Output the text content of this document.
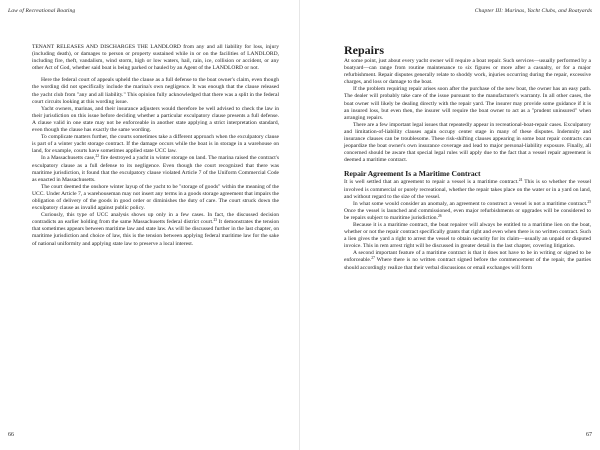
Law of Recreational Boating

TENANT RELEASES AND DISCHARGES THE LANDLORD from any and all liability for loss, injury (including death), or damages to person or property sustained while in or on the facilities of LANDLORD, including fire, theft, vandalism, wind storm, high or low waters, hail, rain, ice, collision or accident, or any other Act of God, whether said boat is being parked or hauled by an Agent of the LANDLORD or not.

Here the federal court of appeals upheld the clause as a full defense to the boat owner's claim, even though the wording did not specifically include the marina's own negligence. It was enough that the clause released the yacht club from "any and all liability." This opinion fully acknowledged that there was a split in the federal court circuits looking at this wording issue.

Yacht owners, marinas, and their insurance adjusters would therefore be well advised to check the law in their jurisdiction on this issue before deciding whether a particular exculpatory clause presents a full defense. A clause valid in one state may not be enforceable in another state applying a strict interpretation standard, even though the clause has exactly the same wording.

To complicate matters further, the courts sometimes take a different approach when the exculpatory clause is part of a winter yacht storage contract. If the damage occurs while the boat is in storage in a warehouse on land, for example, courts have sometimes applied state UCC law.

In a Massachusetts case,$^{22}$ fire destroyed a yacht in winter storage on land. The marina raised the contract's exculpatory clause as a full defense to its negligence. Even though the court recognized that there was maritime jurisdiction, it found that the exculpatory clause violated Article 7 of the Uniform Commercial Code as enacted in Massachusetts.

The court deemed the onshore winter layup of the yacht to be "storage of goods" within the meaning of the UCC. Under Article 7, a warehouseman may not insert any terms in a goods storage agreement that impairs the obligation of delivery of the goods in good order or diminishes the duty of care. The court struck down the exculpatory clause as invalid against public policy.

Curiously, this type of UCC analysis shows up only in a few cases. In fact, the discussed decision contradicts an earlier holding from the same Massachusetts federal district court.$^{23}$ It demonstrates the tension that sometimes appears between maritime law and state law. As will be discussed further in the last chapter, on maritime jurisdiction and choice of law, this is the tension between applying federal maritime law for the sake of national uniformity and applying state law to preserve a local interest.

66
Chapter III: Marinas, Yacht Clubs, and Boatyards
Repairs

At some point, just about every yacht owner will require a boat repair. Such services—usually performed by a boatyard—can range from routine maintenance to six figures or more after a casualty, or for a major refurbishment. Repair disputes generally relate to shoddy work, injuries occurring during the repair, excessive charges, and loss or damage to the boat.

If the problem requiring repair arises soon after the purchase of the new boat, the owner has an easy path. The dealer will probably take care of the issue pursuant to the manufacturer's warranty. In all other cases, the boat owner will likely be dealing directly with the repair yard. The insurer may provide some guidance if it is an insured loss, but even then, the insurer will require the boat owner to act as a "prudent uninsured" when arranging repairs.

There are a few important legal issues that repeatedly appear in recreational-boat-repair cases. Exculpatory and limitation-of-liability clauses again occupy center stage in many of these disputes. Indemnity and insurance clauses can be troublesome. These risk-shifting clauses appearing in some boat repair contracts can jeopardize the boat owner's own insurance coverage and lead to major personal-liability exposure. Finally, all concerned should be aware that special legal rules will apply due to the fact that a vessel repair agreement is deemed a maritime contract.

Repair Agreement Is a Maritime Contract

It is well settled that an agreement to repair a vessel is a maritime contract.$^{24}$ This is so whether the vessel involved is commercial or purely recreational, whether the repair takes place on the water or in a yard on land, and without regard to the size of the vessel.

In what some would consider an anomaly, an agreement to construct a vessel is not a maritime contract.$^{25}$ Once the vessel is launched and commissioned, even major refurbishments or upgrades will be considered to be repairs subject to maritime jurisdiction.$^{26}$

Because it is a maritime contract, the boat repairer will always be entitled to a maritime lien on the boat, whether or not the repair contract specifically grants that right and even when there is no written contract. Such a lien gives the yard a right to arrest the vessel to obtain security for its claim—usually an unpaid or disputed invoice. This in rem arrest right will be discussed in greater detail in the last chapter, covering litigation.

A second important feature of a maritime contract is that it does not have to be in writing or signed to be enforceable.$^{27}$ Where there is no written contract signed before the commencement of the repair, the parties should accordingly realize that their verbal discussions or email exchanges will form

67
